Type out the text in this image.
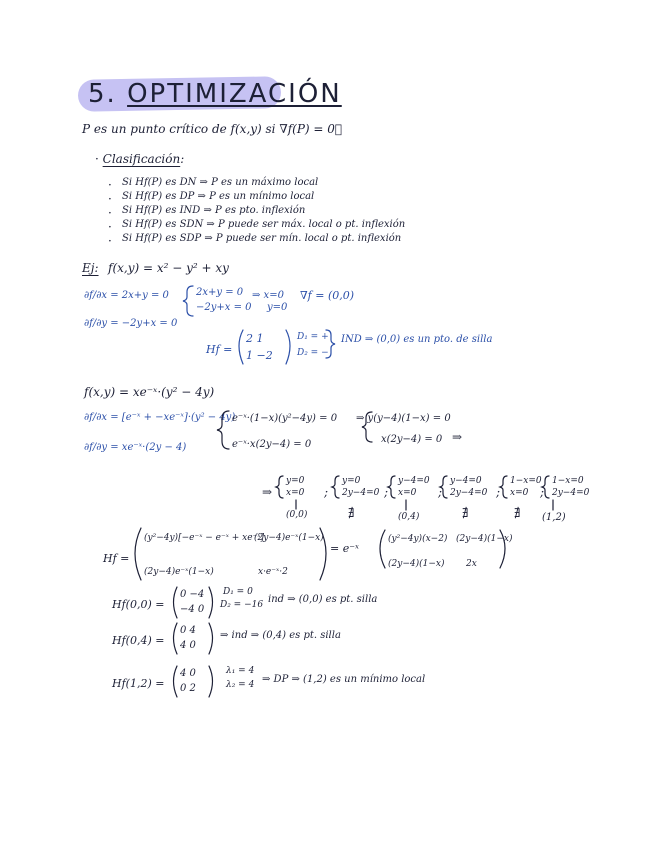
5. OPTIMIZACIÓN
P es un punto crítico de f(x,y) si ∇f(P) = 0⃗
· Clasificación:
· Si Hf(P) es DN ⇒ P es un máximo local
· Si Hf(P) es DP ⇒ P es un mínimo local
· Si Hf(P) es IND ⇒ P es pto. inflexión
· Si Hf(P) es SDN ⇒ P puede ser máx. local o pt. inflexión
· Si Hf(P) es SDP ⇒ P puede ser mín. local o pt. inflexión
Ej: f(x,y) = x² − y² + xy
∂f/∂x = 2x+y = 0
∂f/∂y = −2y+x = 0
2x+y = 0
−2y+x = 0
⇒ x=0
y=0
∇f = (0,0)
Hf =
2 1
1 −2
D₁ = +
D₂ = −
IND ⇒ (0,0) es un pto. de silla
f(x,y) = xe⁻ˣ·(y² − 4y)
∂f/∂x = [e⁻ˣ + −xe⁻ˣ]·(y² − 4y)
∂f/∂y = xe⁻ˣ·(2y − 4)
e⁻ˣ·(1−x)(y²−4y) = 0
e⁻ˣ·x(2y−4) = 0
⇒ y(y−4)(1−x) = 0
x(2y−4) = 0 ⇒
⇒
y=0
x=0
(0,0)
;
y=0
2y−4=0
∄
;
y−4=0
x=0
(0,4)
;
y−4=0
2y−4=0
∄
;
1−x=0
x=0
∄
;
1−x=0
2y−4=0
(1,2)
Hf =
(y²−4y)[−e⁻ˣ − e⁻ˣ + xe⁻ˣ]
(2y−4)e⁻ˣ(1−x)
(2y−4)e⁻ˣ(1−x)	x·e⁻ˣ·2
= e⁻ˣ
(y²−4y)(x−2) (2y−4)(1−x)
(2y−4)(1−x) 2x
Hf(0,0) =
0 −4
−4 0
D₁ = 0
D₂ = −16 ind ⇒ (0,0) es pt. silla
Hf(0,4) =
0 4
4 0
⇒ ind ⇒ (0,4) es pt. silla
Hf(1,2) =
4 0
0 2
λ₁ = 4
λ₂ = 4 ⇒ DP ⇒ (1,2) es un mínimo local
